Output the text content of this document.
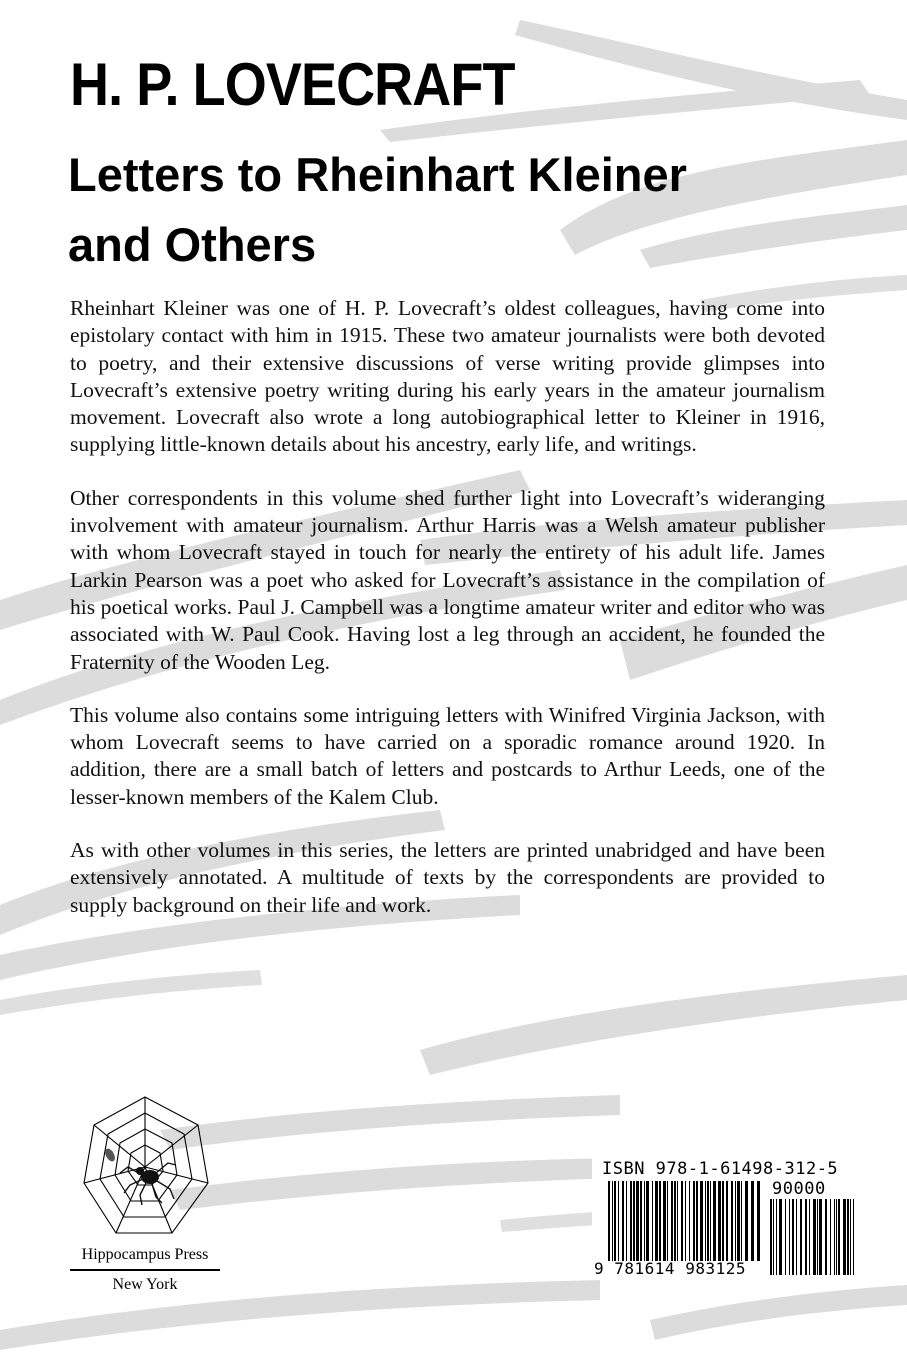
H. P. LOVECRAFT
Letters to Rheinhart Kleiner
and Others

Rheinhart Kleiner was one of H. P. Lovecraft’s oldest colleagues, having come into epistolary contact with him in 1915. These two amateur journalists were both devoted to poetry, and their extensive discussions of verse writing provide glimpses into Lovecraft’s extensive poetry writing during his early years in the amateur journalism movement. Lovecraft also wrote a long autobiographical letter to Kleiner in 1916, supplying little-known details about his ancestry, early life, and writings.

Other correspondents in this volume shed further light into Lovecraft’s wideranging involvement with amateur journalism. Arthur Harris was a Welsh amateur publisher with whom Lovecraft stayed in touch for nearly the entirety of his adult life. James Larkin Pearson was a poet who asked for Lovecraft’s assistance in the compilation of his poetical works. Paul J. Campbell was a longtime amateur writer and editor who was associated with W. Paul Cook. Having lost a leg through an accident, he founded the Fraternity of the Wooden Leg.

This volume also contains some intriguing letters with Winifred Virginia Jackson, with whom Lovecraft seems to have carried on a sporadic romance around 1920. In addition, there are a small batch of letters and postcards to Arthur Leeds, one of the lesser-known members of the Kalem Club.

As with other volumes in this series, the letters are printed unabridged and have been extensively annotated. A multitude of texts by the correspondents are provided to supply background on their life and work.

Hippocampus Press
New York
ISBN 978-1-61498-312-5
90000
9 781614 983125
